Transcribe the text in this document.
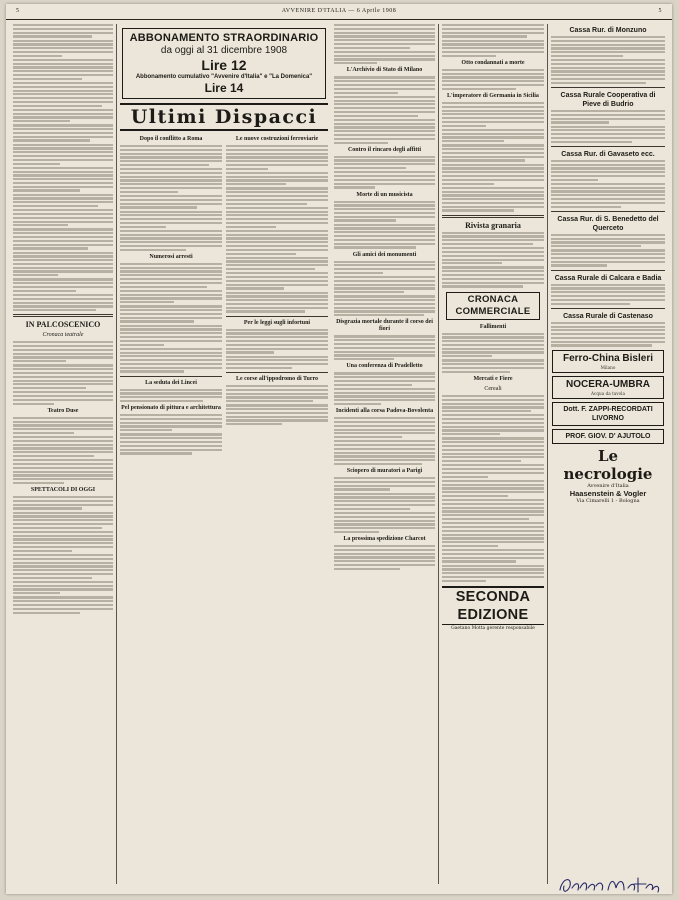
5	AVVENIRE D'ITALIA — 6 Aprile 1908	5
IN PALCOSCENICO
Cronaca teatrale
Teatro Duse
SPETTACOLI DI OGGI
ABBONAMENTO STRAORDINARIO
da oggi al 31 dicembre 1908
Lire 12
Abbonamento cumulativo "Avvenire d'Italia" e "La Domenica"
Lire 14
Ultimi Dispacci
Dopo il conflitto a Roma
Numerosi arresti
La seduta dei Lincei
Pel pensionato di pittura e architettura
Le nuove costruzioni ferroviarie
Per le leggi sugli infortuni
Le corse all'ippodromo di Turro
L'Archivio di Stato di Milano
Contro il rincaro degli affitti
Morte di un musicista
Gli amici dei monumenti
Disgrazia mortale durante il corso dei fiori
Una conferenza di Pradelletto
Incidenti alla corsa Padova-Bovolenta
Sciopero di muratori a Parigi
La prossima spedizione Charcot
Otto condannati a morte
L'imperatore di Germania in Sicilia
Rivista granaria
CRONACA COMMERCIALE
Fallimenti
Mercati e Fiere
Cereali
SECONDA EDIZIONE
Gaetano Motta gerente responsabile
Cassa Rur. di Monzuno
Cassa Rurale Cooperativa di Pieve di Budrio
Cassa Rur. di Gavaseto ecc.
Cassa Rur. di S. Benedetto del Querceto
Cassa Rurale di Calcara e Badia
Cassa Rurale di Castenaso
Ferro-China Bisleri
Milano
NOCERA-UMBRA
Acqua da tavola
Dott. F. ZAPPI-RECORDATI
LIVORNO
PROF. GIOV. D' AJUTOLO
Le necrologie
Avvenire d'Italia
Haasenstein & Vogler
Via Cimarelli 1 - Bologna
